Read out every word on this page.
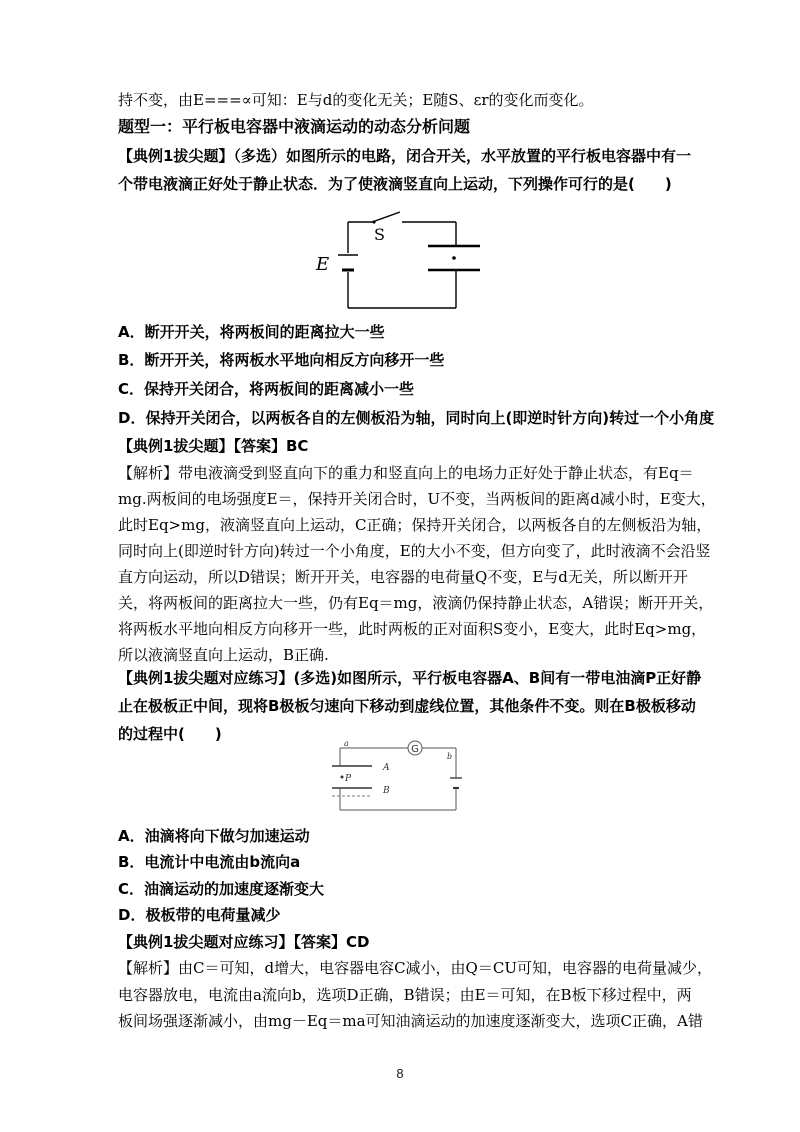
持不变，由E===∝可知：E与d的变化无关；E随S、εr的变化而变化。
题型一：平行板电容器中液滴运动的动态分析问题
【典例1拔尖题】（多选）如图所示的电路，闭合开关，水平放置的平行板电容器中有一
个带电液滴正好处于静止状态．为了使液滴竖直向上运动，下列操作可行的是(　　)
S
E
A．断开开关，将两板间的距离拉大一些
B．断开开关，将两板水平地向相反方向移开一些
C．保持开关闭合，将两板间的距离减小一些
D．保持开关闭合，以两板各自的左侧板沿为轴，同时向上(即逆时针方向)转过一个小角度
【典例1拔尖题】【答案】BC
【解析】带电液滴受到竖直向下的重力和竖直向上的电场力正好处于静止状态，有Eq＝
mg.两板间的电场强度E＝，保持开关闭合时，U不变，当两板间的距离d减小时，E变大，
此时Eq>mg，液滴竖直向上运动，C正确；保持开关闭合，以两板各自的左侧板沿为轴，
同时向上(即逆时针方向)转过一个小角度，E的大小不变，但方向变了，此时液滴不会沿竖
直方向运动，所以D错误；断开开关，电容器的电荷量Q不变，E与d无关，所以断开开
关，将两板间的距离拉大一些，仍有Eq＝mg，液滴仍保持静止状态，A错误；断开开关，
将两板水平地向相反方向移开一些，此时两板的正对面积S变小，E变大，此时Eq>mg，
所以液滴竖直向上运动，B正确.
【典例1拔尖题对应练习】(多选)如图所示，平行板电容器A、B间有一带电油滴P正好静
止在极板正中间，现将B极板匀速向下移动到虚线位置，其他条件不变。则在B极板移动
的过程中(　　)
G
P
a
b
A
B
A．油滴将向下做匀加速运动
B．电流计中电流由b流向a
C．油滴运动的加速度逐渐变大
D．极板带的电荷量减少
【典例1拔尖题对应练习】【答案】CD
【解析】由C＝可知，d增大，电容器电容C减小，由Q＝CU可知，电容器的电荷量减少，
电容器放电，电流由a流向b，选项D正确，B错误；由E＝可知，在B板下移过程中，两
板间场强逐渐减小，由mg－Eq＝ma可知油滴运动的加速度逐渐变大，选项C正确，A错
8
